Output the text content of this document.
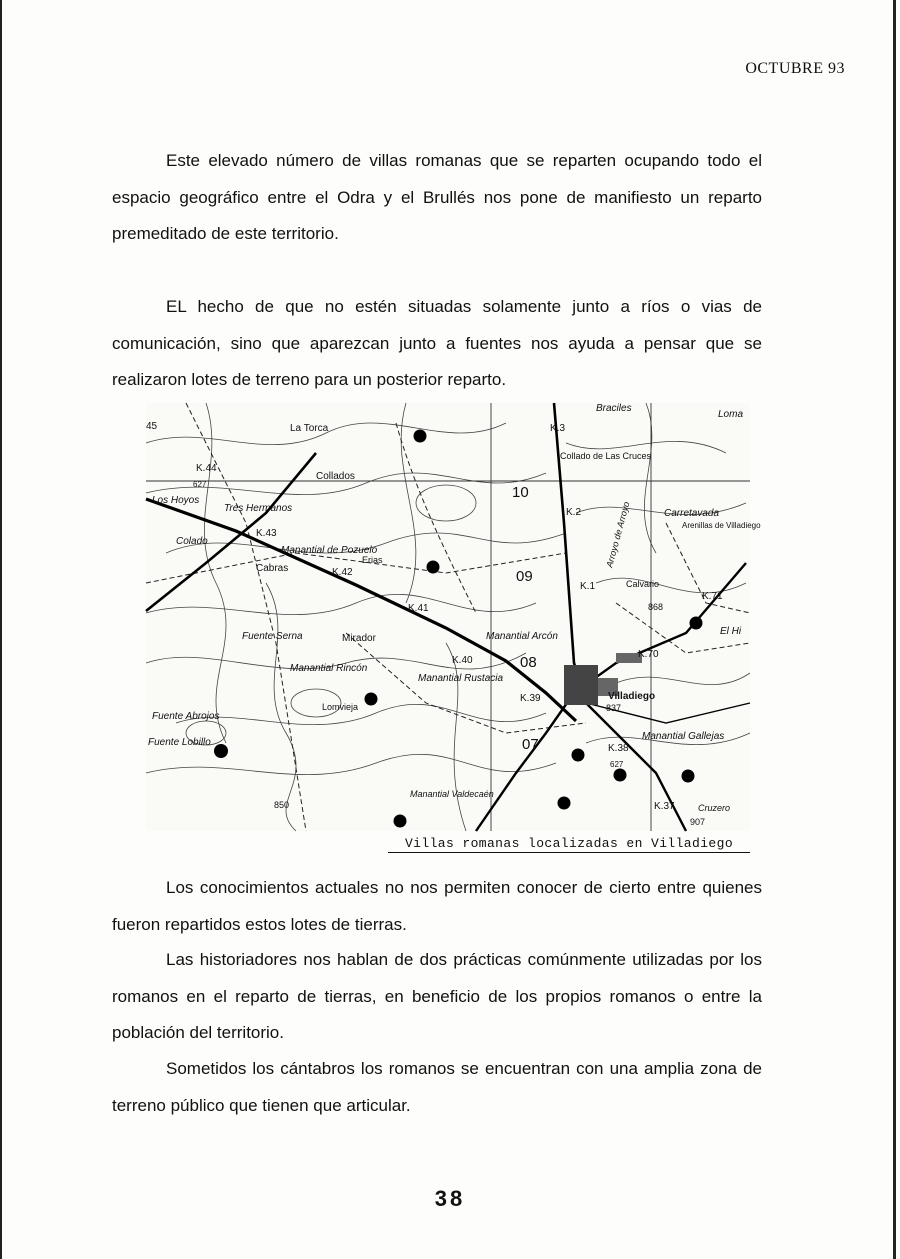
OCTUBRE 93

Este elevado número de villas romanas que se reparten ocupando todo el espacio geográfico entre el Odra y el Brullés nos pone de manifiesto un reparto premeditado de este territorio.

EL hecho de que no estén situadas solamente junto a ríos o vias de comunicación, sino que aparezcan junto a fuentes nos ayuda a pensar que se realizaron lotes de terreno para un posterior reparto.

La Torca
K.44
627
Collados
Los Hoyos
Tres Hermanos
Colado
K.43
Manantial de Pozuelo
Cabras	K.42
Erias
K.41
Fuente Serna	Mirador
Manantial Rincón
Fuente Abrojos
Fuente Lobillo
Lomvieja
850
K.40
Manantial Rustacia
K.39
Manantial Arcón
K.3
Braciles
Loma
Collado de Las Cruces
K.2	Arroyo de Arroyo	Carretavada
Arenillas de Villadiego
K.1	Calvario
868
K.71
El Hi
K.70
Villadiego
837
K.38
627
Manantial Gallejas
K.37	Cruzero
907
Manantial Valdecaén
10
09
08
07
45
Villas romanas localizadas en Villadiego

Los conocimientos actuales no nos permiten conocer de cierto entre quienes fueron repartidos estos lotes de tierras.

Las historiadores nos hablan de dos prácticas comúnmente utilizadas por los romanos en el reparto de tierras, en beneficio de los propios romanos o entre la población del territorio.

Sometidos los cántabros los romanos se encuentran con una amplia zona de terreno público que tienen que articular.

38
